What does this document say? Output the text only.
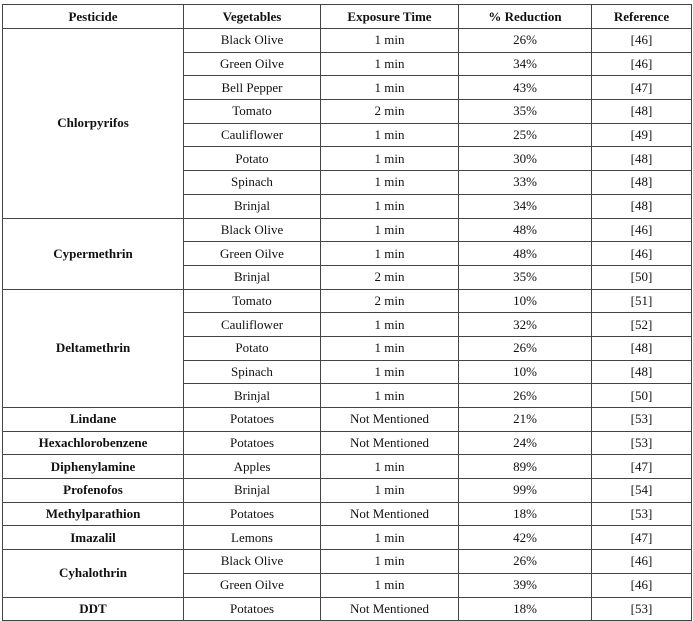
Pesticide	Vegetables	Exposure Time	% Reduction	Reference
Chlorpyrifos	Black Olive	1 min	26%	[46]
	Green Oilve	1 min	34%	[46]
	Bell Pepper	1 min	43%	[47]
	Tomato	2 min	35%	[48]
	Cauliflower	1 min	25%	[49]
	Potato	1 min	30%	[48]
	Spinach	1 min	33%	[48]
	Brinjal	1 min	34%	[48]
Cypermethrin	Black Olive	1 min	48%	[46]
	Green Oilve	1 min	48%	[46]
	Brinjal	2 min	35%	[50]
Deltamethrin	Tomato	2 min	10%	[51]
	Cauliflower	1 min	32%	[52]
	Potato	1 min	26%	[48]
	Spinach	1 min	10%	[48]
	Brinjal	1 min	26%	[50]
Lindane	Potatoes	Not Mentioned	21%	[53]
Hexachlorobenzene	Potatoes	Not Mentioned	24%	[53]
Diphenylamine	Apples	1 min	89%	[47]
Profenofos	Brinjal	1 min	99%	[54]
Methylparathion	Potatoes	Not Mentioned	18%	[53]
Imazalil	Lemons	1 min	42%	[47]
Cyhalothrin	Black Olive	1 min	26%	[46]
	Green Oilve	1 min	39%	[46]
DDT	Potatoes	Not Mentioned	18%	[53]
